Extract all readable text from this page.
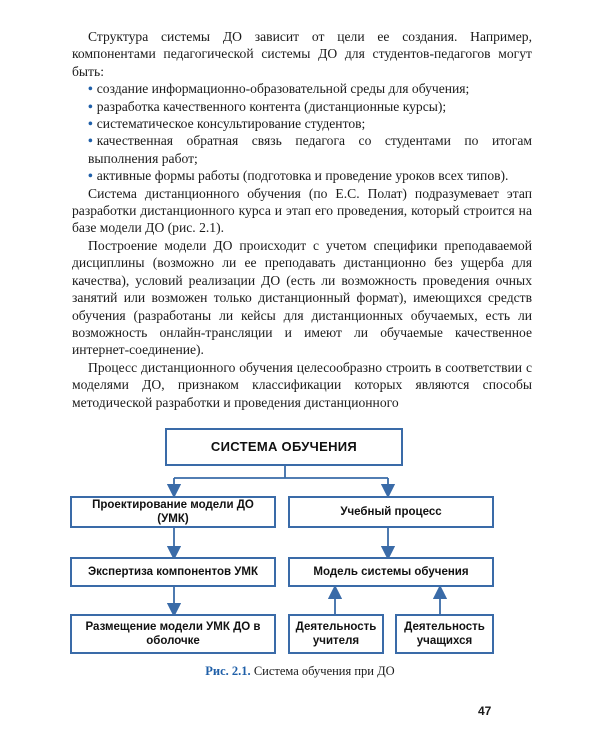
Структура системы ДО зависит от цели ее создания. Например, компонентами педагогической системы ДО для студентов-педагогов могут быть:

• создание информационно-образовательной среды для обучения;
• разработка качественного контента (дистанционные курсы);
• систематическое консультирование студентов;
• качественная обратная связь педагога со студентами по итогам выполнения работ;
• активные формы работы (подготовка и проведение уроков всех типов).

Система дистанционного обучения (по Е.С. Полат) подразумевает этап разработки дистанционного курса и этап его проведения, который строится на базе модели ДО (рис. 2.1).

Построение модели ДО происходит с учетом специфики преподаваемой дисциплины (возможно ли ее преподавать дистанционно без ущерба для качества), условий реализации ДО (есть ли возможность проведения очных занятий или возможен только дистанционный формат), имеющихся средств обучения (разработаны ли кейсы для дистанционных обучаемых, есть ли возможность онлайн-трансляции и имеют ли обучаемые качественное интернет-соединение).

Процесс дистанционного обучения целесообразно строить в соответствии с моделями ДО, признаком классификации которых являются способы методической разработки и проведения дистанционного

СИСТЕМА ОБУЧЕНИЯ
Проектирование модели ДО (УМК)
Экспертиза компонентов УМК
Размещение модели УМК ДО в оболочке
Учебный процесс
Модель системы обучения
Деятельность учителя
Деятельность учащихся
Рис. 2.1. Система обучения при ДО
47
